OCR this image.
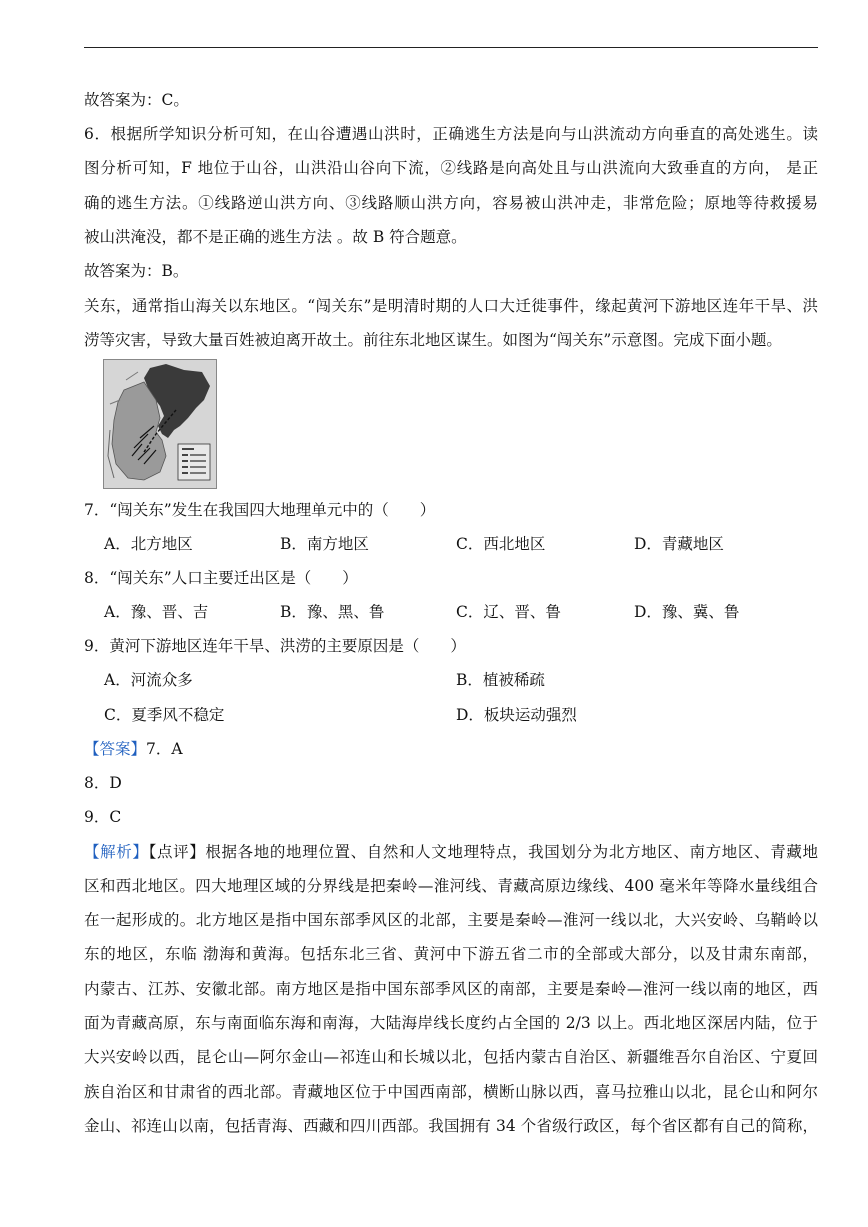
故答案为：C。
6．根据所学知识分析可知，在山谷遭遇山洪时，正确逃生方法是向与山洪流动方向垂直的高处逃生。读
图分析可知，F 地位于山谷，山洪沿山谷向下流，②线路是向高处且与山洪流向大致垂直的方向， 是正
确的逃生方法。①线路逆山洪方向、③线路顺山洪方向，容易被山洪冲走，非常危险；原地等待救援易
被山洪淹没，都不是正确的逃生方法 。故 B 符合题意。
故答案为：B。
关东，通常指山海关以东地区。“闯关东”是明清时期的人口大迁徙事件，缘起黄河下游地区连年干旱、洪
涝等灾害，导致大量百姓被迫离开故土。前往东北地区谋生。如图为“闯关东”示意图。完成下面小题。
7．“闯关东”发生在我国四大地理单元中的（　　）
A．北方地区	B．南方地区	C．西北地区	D．青藏地区
8．“闯关东”人口主要迁出区是（　　）
A．豫、晋、吉	B．豫、黑、鲁	C．辽、晋、鲁	D．豫、冀、鲁
9．黄河下游地区连年干旱、洪涝的主要原因是（　　）
A．河流众多	B．植被稀疏
C．夏季风不稳定	D．板块运动强烈
【答案】7．A
8．D
9．C
【解析】【点评】根据各地的地理位置、自然和人文地理特点，我国划分为北方地区、南方地区、青藏地
区和西北地区。四大地理区域的分界线是把秦岭—淮河线、青藏高原边缘线、400 毫米年等降水量线组合
在一起形成的。北方地区是指中国东部季风区的北部，主要是秦岭—淮河一线以北，大兴安岭、乌鞘岭以
东的地区，东临 渤海和黄海。包括东北三省、黄河中下游五省二市的全部或大部分，以及甘肃东南部，
内蒙古、江苏、安徽北部。南方地区是指中国东部季风区的南部，主要是秦岭—淮河一线以南的地区，西
面为青藏高原，东与南面临东海和南海，大陆海岸线长度约占全国的 2/3 以上。西北地区深居内陆，位于
大兴安岭以西，昆仑山—阿尔金山—祁连山和长城以北，包括内蒙古自治区、新疆维吾尔自治区、宁夏回
族自治区和甘肃省的西北部。青藏地区位于中国西南部，横断山脉以西，喜马拉雅山以北，昆仑山和阿尔
金山、祁连山以南，包括青海、西藏和四川西部。我国拥有 34 个省级行政区，每个省区都有自己的简称，
